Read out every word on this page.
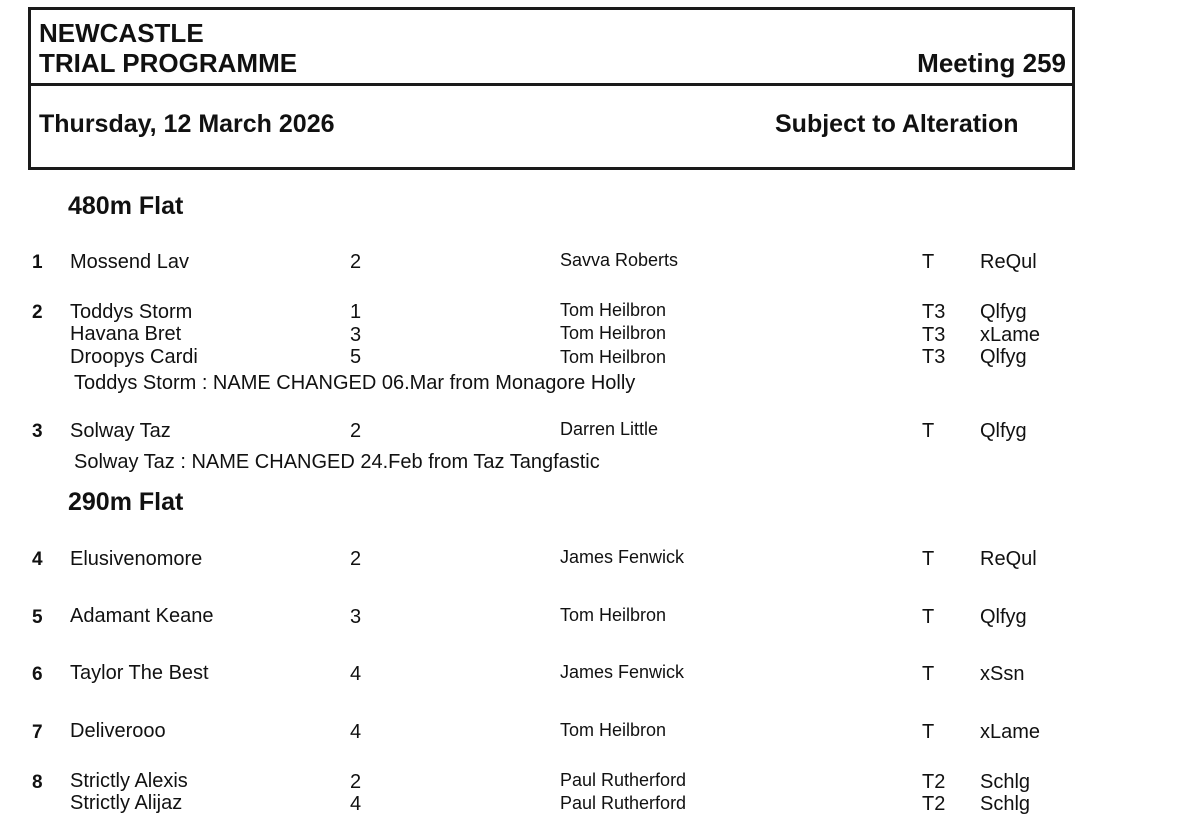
NEWCASTLE
TRIAL PROGRAMME	Meeting 259
Thursday, 12 March 2026	Subject to Alteration
480m Flat
1 Mossend Lav	2	Savva Roberts	T ReQul
2 Toddys Storm	1	Tom Heilbron	T3 Qlfyg
Havana Bret	3	Tom Heilbron	T3 xLame
Droopys Cardi	5	Tom Heilbron	T3 Qlfyg
Toddys Storm : NAME CHANGED 06.Mar from Monagore Holly
3 Solway Taz	2	Darren Little	T Qlfyg
Solway Taz : NAME CHANGED 24.Feb from Taz Tangfastic
290m Flat
4 Elusivenomore	2	James Fenwick	T ReQul
5 Adamant Keane	3	Tom Heilbron	T Qlfyg
6 Taylor The Best	4	James Fenwick	T xSsn
7 Deliverooo	4	Tom Heilbron	T xLame
8 Strictly Alexis	2	Paul Rutherford	T2 Schlg
Strictly Alijaz	4	Paul Rutherford	T2 Schlg
